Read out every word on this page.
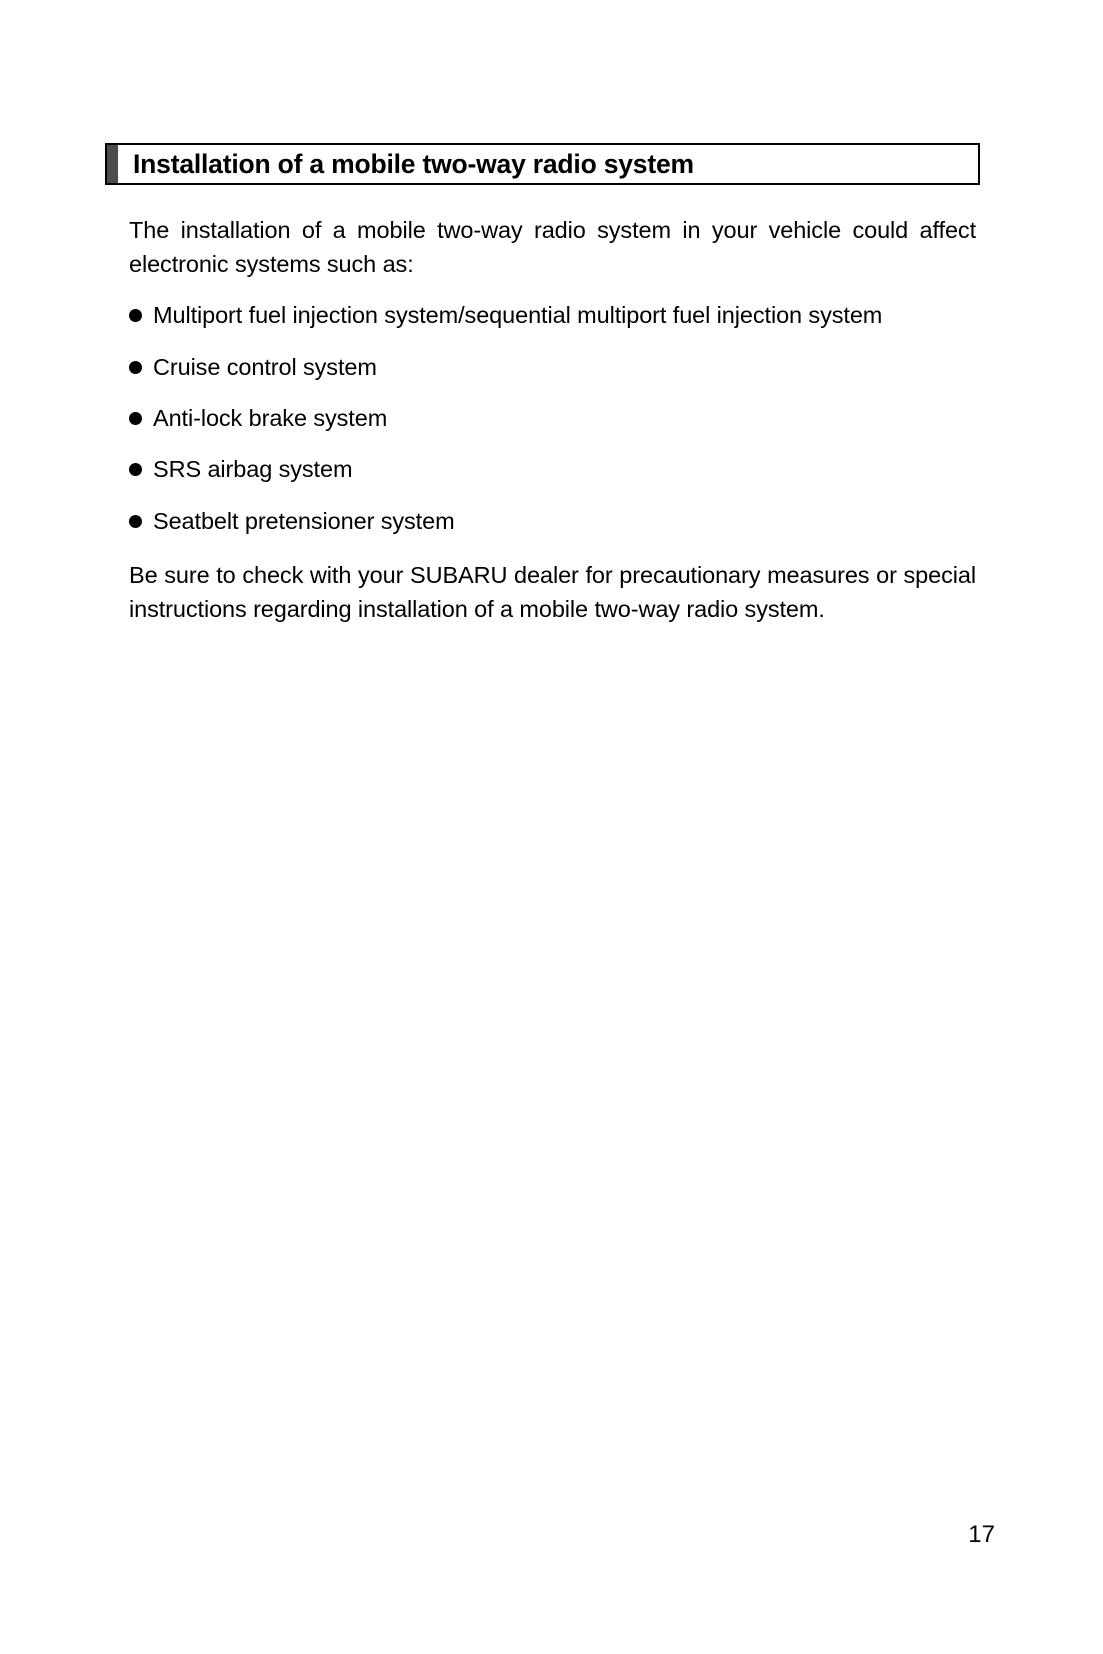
Installation of a mobile two-way radio system

The installation of a mobile two-way radio system in your vehicle could affect electronic systems such as:

Multiport fuel injection system/sequential multiport fuel injection system
Cruise control system
Anti-lock brake system
SRS airbag system
Seatbelt pretensioner system

Be sure to check with your SUBARU dealer for precautionary measures or special instructions regarding installation of a mobile two-way radio system.

17
